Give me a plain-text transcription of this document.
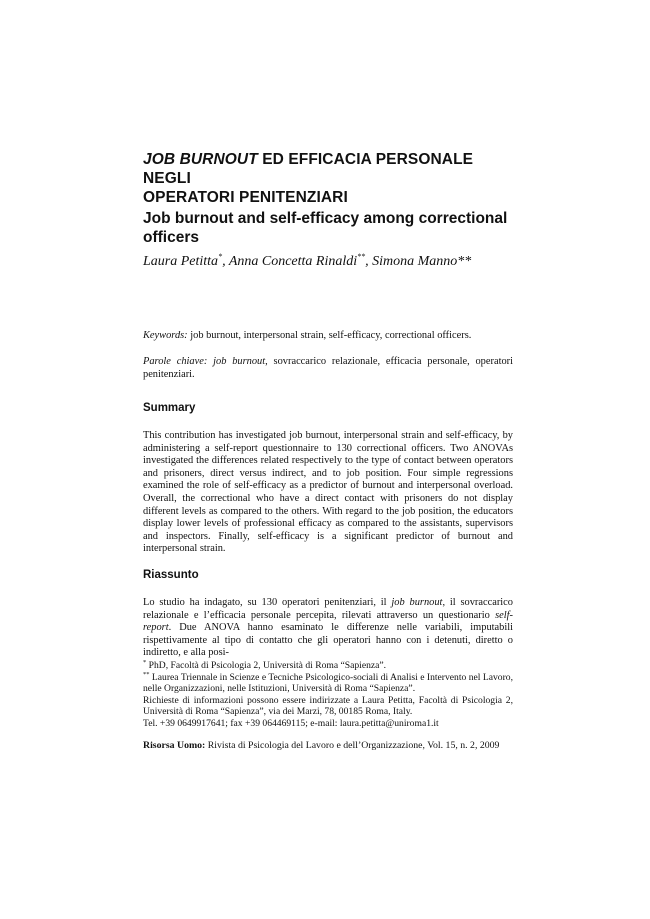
JOB BURNOUT ED EFFICACIA PERSONALE NEGLI
OPERATORI PENITENZIARI
Job burnout and self-efficacy among correctional
officers
Laura Petitta*, Anna Concetta Rinaldi**, Simona Manno**

Keywords: job burnout, interpersonal strain, self-efficacy, correctional officers.

Parole chiave: job burnout, sovraccarico relazionale, efficacia personale, operatori penitenziari.

Summary

This contribution has investigated job burnout, interpersonal strain and self-efficacy, by administering a self-report questionnaire to 130 correctional officers. Two ANOVAs investigated the differences related respectively to the type of contact between operators and prisoners, direct versus indirect, and to job position. Four simple regressions examined the role of self-efficacy as a predictor of burnout and interpersonal overload. Overall, the correctional who have a direct contact with prisoners do not display different levels as compared to the others. With regard to the job position, the educators display lower levels of professional efficacy as compared to the assistants, supervisors and inspectors. Finally, self-efficacy is a significant predictor of burnout and interpersonal strain.

Riassunto

Lo studio ha indagato, su 130 operatori penitenziari, il job burnout, il sovraccarico relazionale e l’efficacia personale percepita, rilevati attraverso un questionario self-report. Due ANOVA hanno esaminato le differenze nelle variabili, imputabili rispettivamente al tipo di contatto che gli operatori hanno con i detenuti, diretto o indiretto, e alla posi-

* PhD, Facoltà di Psicologia 2, Università di Roma “Sapienza”.

** Laurea Triennale in Scienze e Tecniche Psicologico-sociali di Analisi e Intervento nel Lavoro, nelle Organizzazioni, nelle Istituzioni, Università di Roma “Sapienza”.

Richieste di informazioni possono essere indirizzate a Laura Petitta, Facoltà di Psicologia 2, Università di Roma “Sapienza”, via dei Marzi, 78, 00185 Roma, Italy.

Tel. +39 0649917641; fax +39 064469115; e-mail: laura.petitta@uniroma1.it

Risorsa Uomo: Rivista di Psicologia del Lavoro e dell’Organizzazione, Vol. 15, n. 2, 2009
